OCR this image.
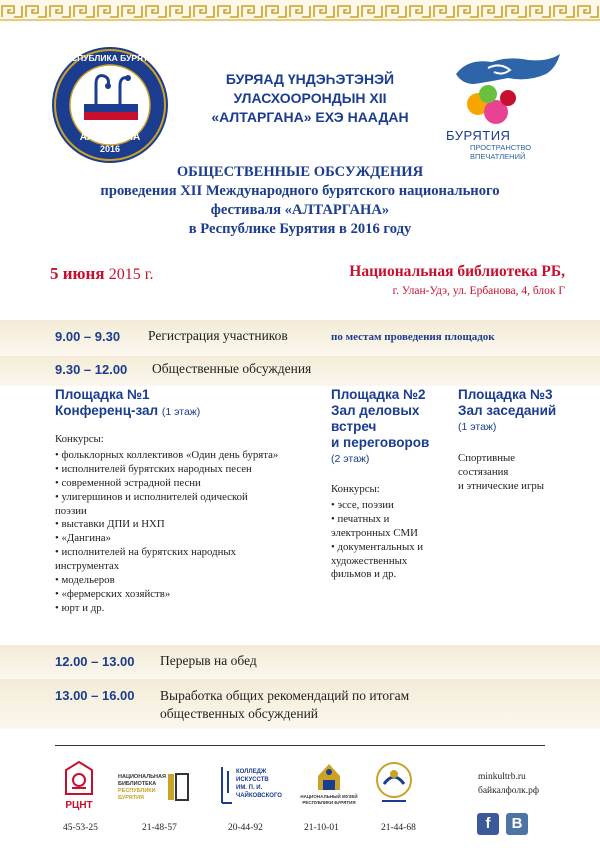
РЕСПУБЛИКА БУРЯТИЯ
АЛТАРГАНА
2016
БУРЯАД ҮНДЭҺЭТЭНЭЙ
УЛАСХООРОНДЫН XII
«АЛТАРГАНА» ЕХЭ НААДАН
БУРЯТИЯ
ПРОСТРАНСТВО
ВПЕЧАТЛЕНИЙ
ОБЩЕСТВЕННЫЕ ОБСУЖДЕНИЯ
проведения XII Международного бурятского национального
фестиваля «АЛТАРГАНА»
в Республике Бурятия в 2016 году
5 июня 2015 г.	Национальная библиотека РБ,
г. Улан-Удэ, ул. Ербанова, 4, блок Г
9.00 – 9.30 Регистрация участников	по местам проведения площадок
9.30 – 12.00 Общественные обсуждения
Площадка №1
Конференц-зал (1 этаж)
Конкурсы:
• фольклорных коллективов «Один день бурята»
• исполнителей бурятских народных песен
• современной эстрадной песни
• улигершинов и исполнителей одической
поэзии
• выставки ДПИ и НХП
• «Дангина»
• исполнителей на бурятских народных
инструментах
• модельеров
• «фермерских хозяйств»
• юрт и др.
Площадка №2
Зал деловых
встреч
и переговоров
(2 этаж)
Конкурсы:
• эссе, поэзии
• печатных и
электронных СМИ
• документальных и
художественных
фильмов и др.
Площадка №3
Зал заседаний
(1 этаж)
Спортивные
состязания
и этнические игры
12.00 – 13.00 Перерыв на обед
13.00 – 16.00 Выработка общих рекомендаций по итогам
общественных обсуждений
РЦНТ
НАЦИОНАЛЬНАЯ
БИБЛИОТЕКА
РЕСПУБЛИКИ
БУРЯТИЯ
КОЛЛЕДЖ
ИСКУССТВ
ИМ. П. И.
ЧАЙКОВСКОГО	НАЦИОНАЛЬНЫЙ МУЗЕЙ
РЕСПУБЛИКИ БУРЯТИЯ
45-53-25	21-48-57	20-44-92	21-10-01	21-44-68
minkultrb.ru
байкалфолк.рф
f	B
